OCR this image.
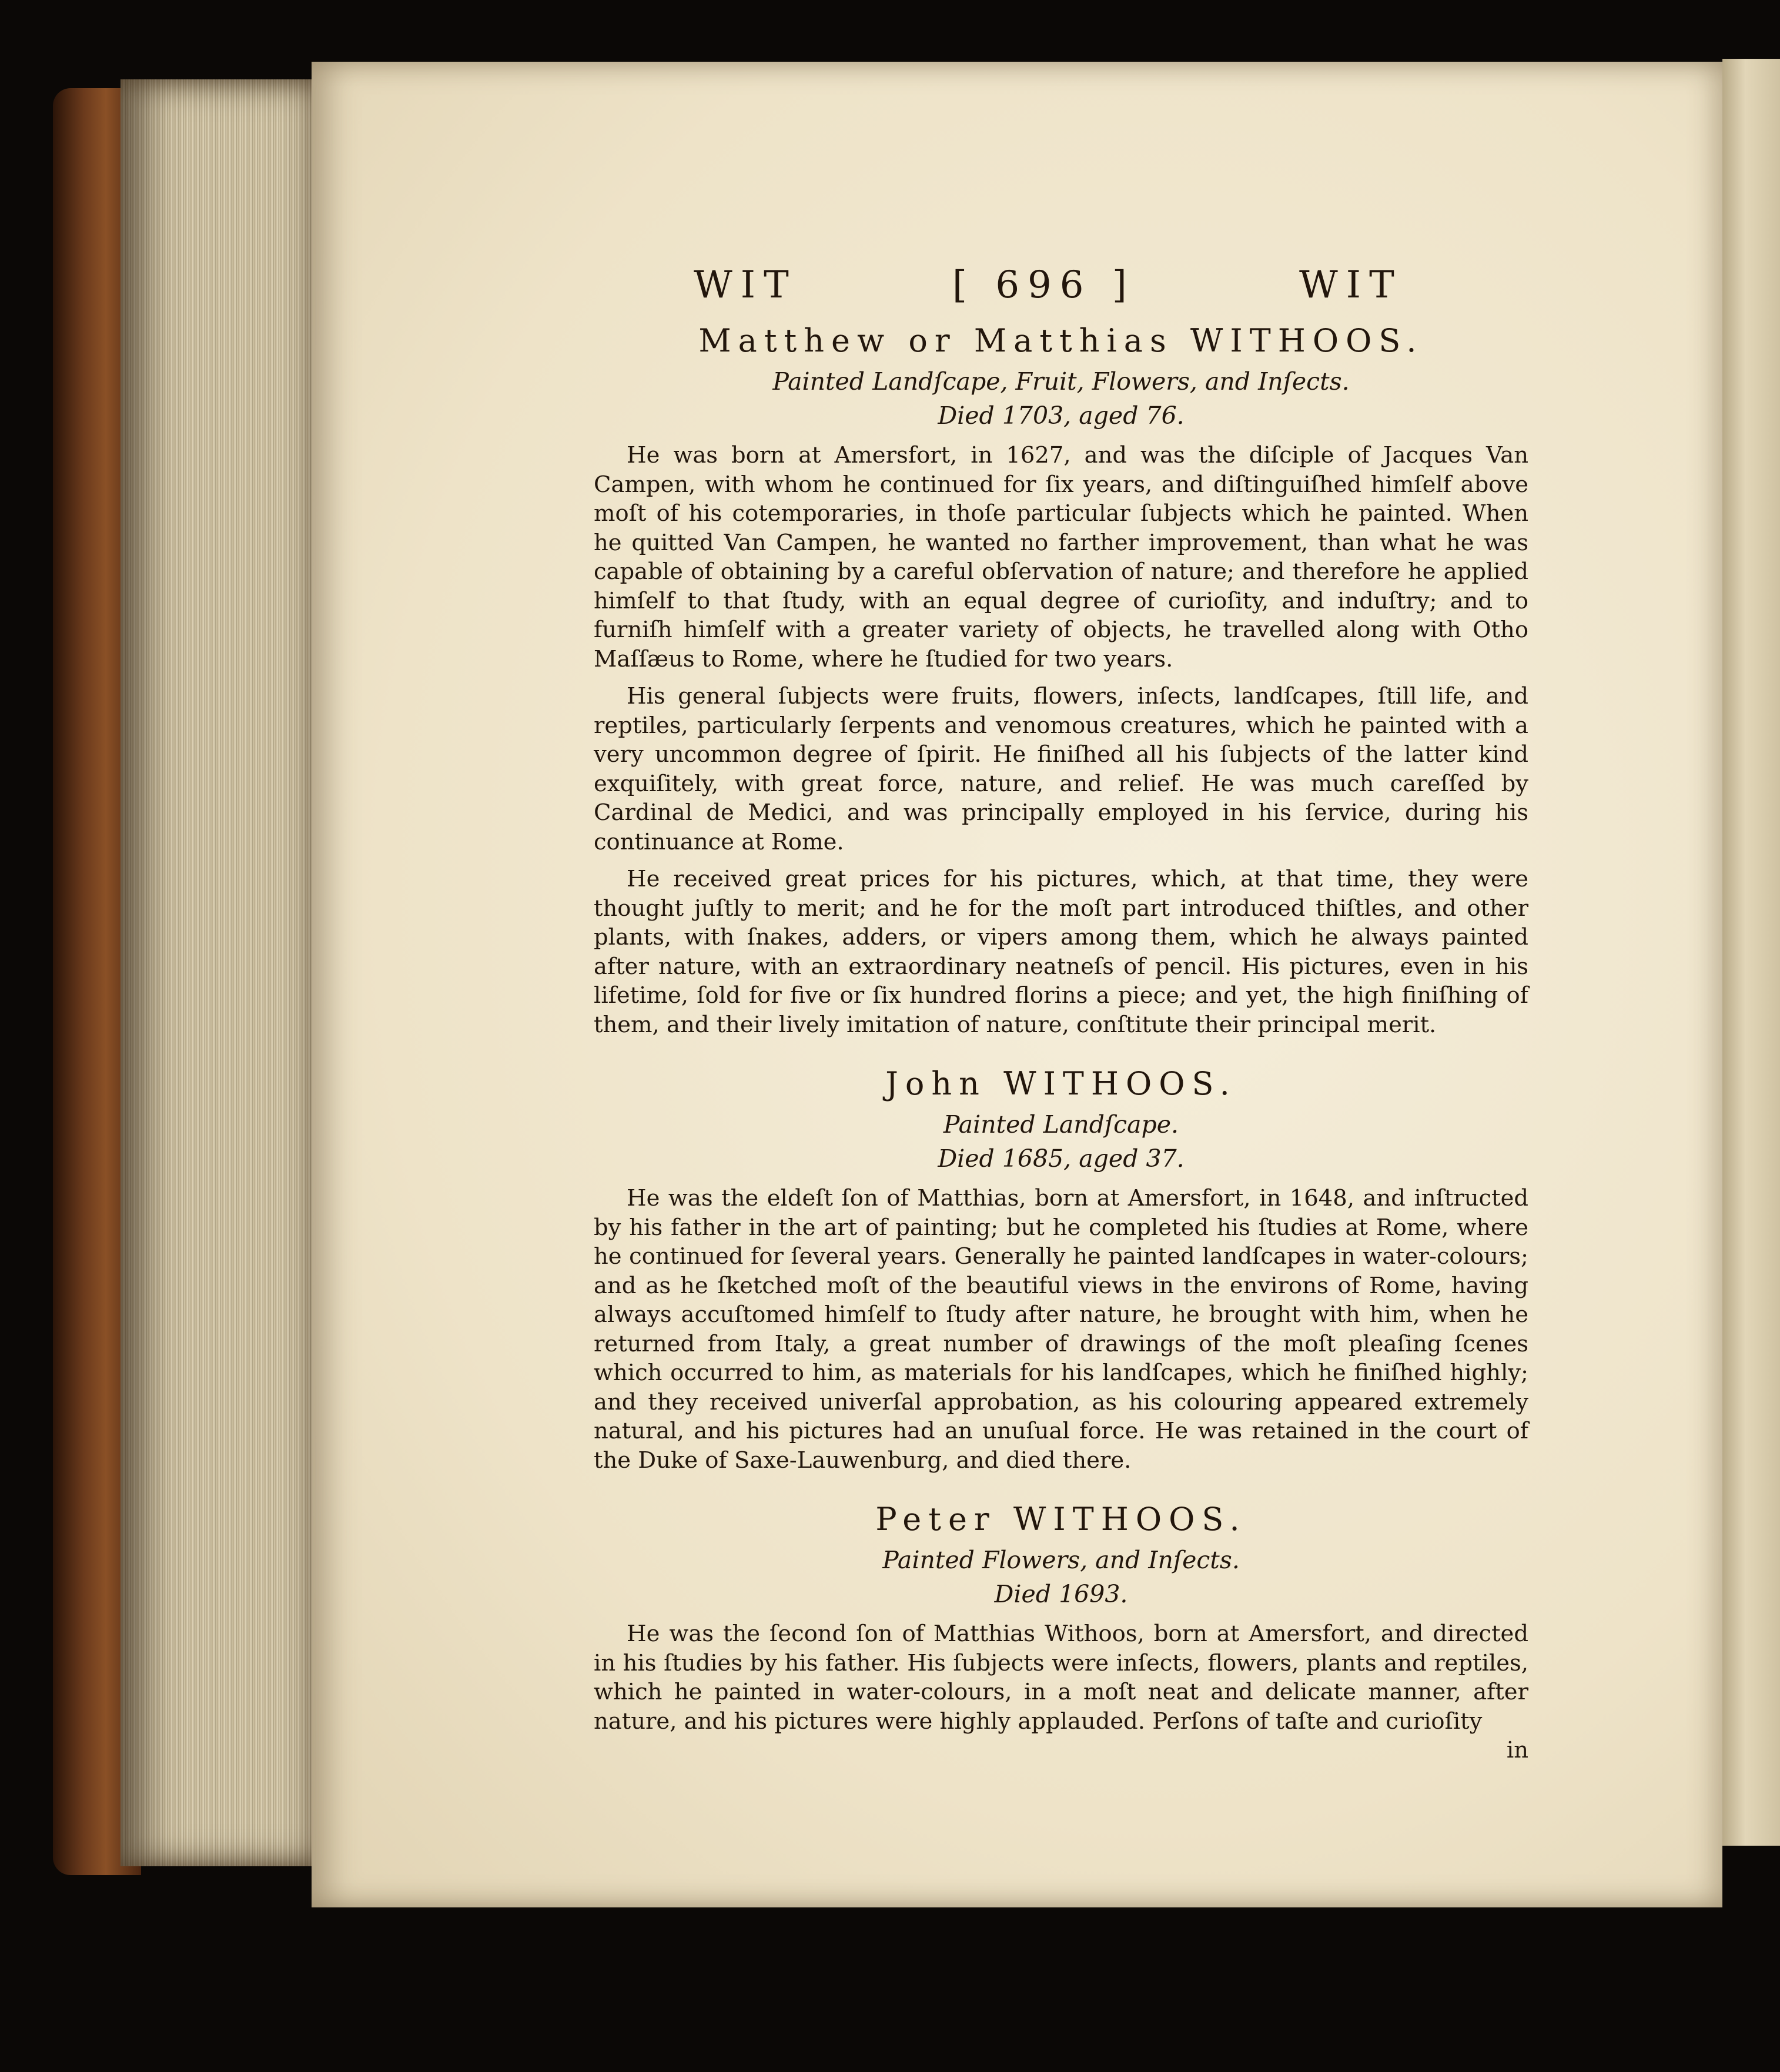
WIT	[ 696 ]	WIT
Matthew or Matthias WITHOOS.
Painted Landſcape, Fruit, Flowers, and Inſects.
Died 1703, aged 76.

He was born at Amersfort, in 1627, and was the diſciple of Jacques Van Campen, with whom he continued for ſix years, and diſtinguiſhed himſelf above moſt of his cotemporaries, in thoſe particular ſubjects which he painted. When he quitted Van Campen, he wanted no farther improvement, than what he was capable of obtaining by a careful obſervation of nature; and therefore he applied himſelf to that ſtudy, with an equal degree of curioſity, and induſtry; and to furniſh himſelf with a greater variety of objects, he travelled along with Otho Maſſæus to Rome, where he ſtudied for two years.

His general ſubjects were fruits, flowers, inſects, landſcapes, ſtill life, and reptiles, particularly ſerpents and venomous creatures, which he painted with a very uncommon degree of ſpirit. He finiſhed all his ſubjects of the latter kind exquiſitely, with great force, nature, and relief. He was much careſſed by Cardinal de Medici, and was principally employed in his ſervice, during his continuance at Rome.

He received great prices for his pictures, which, at that time, they were thought juſtly to merit; and he for the moſt part introduced thiſtles, and other plants, with ſnakes, adders, or vipers among them, which he always painted after nature, with an extraordinary neatneſs of pencil. His pictures, even in his lifetime, ſold for five or ſix hundred florins a piece; and yet, the high finiſhing of them, and their lively imitation of nature, conſtitute their principal merit.

John WITHOOS.
Painted Landſcape.
Died 1685, aged 37.

He was the eldeſt ſon of Matthias, born at Amersfort, in 1648, and inſtructed by his father in the art of painting; but he completed his ſtudies at Rome, where he continued for ſeveral years. Generally he painted landſcapes in water-colours; and as he ſketched moſt of the beautiful views in the environs of Rome, having always accuſtomed himſelf to ſtudy after nature, he brought with him, when he returned from Italy, a great number of drawings of the moſt pleaſing ſcenes which occurred to him, as materials for his landſcapes, which he finiſhed highly; and they received univerſal approbation, as his colouring appeared extremely natural, and his pictures had an unuſual force. He was retained in the court of the Duke of Saxe-Lauwenburg, and died there.

Peter WITHOOS.
Painted Flowers, and Inſects.
Died 1693.

He was the ſecond ſon of Matthias Withoos, born at Amersfort, and directed in his ſtudies by his father. His ſubjects were inſects, flowers, plants and reptiles, which he painted in water-colours, in a moſt neat and delicate manner, after nature, and his pictures were highly applauded. Perſons of taſte and curioſity

in
